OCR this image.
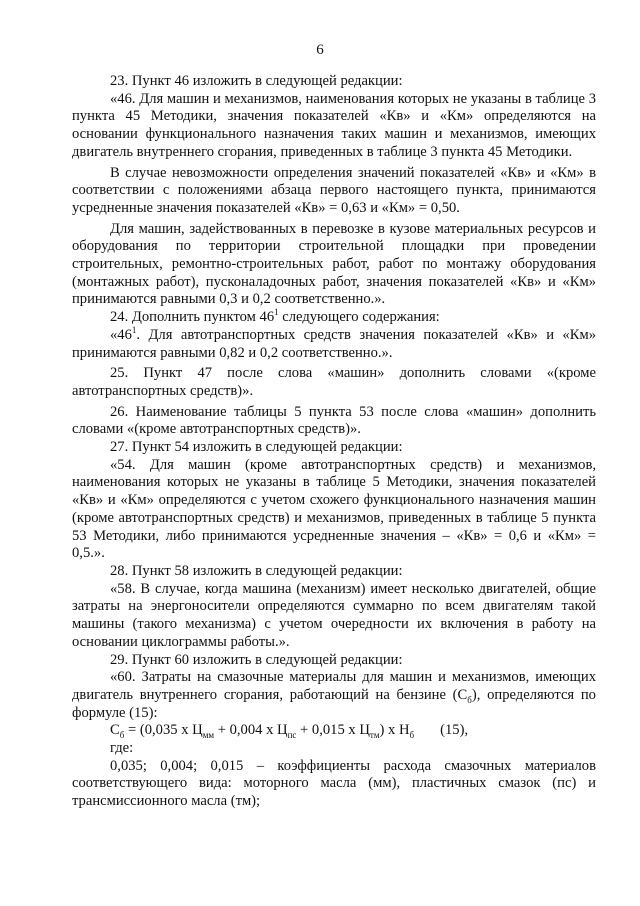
6

23. Пункт 46 изложить в следующей редакции:

«46. Для машин и механизмов, наименования которых не указаны в таблице 3 пункта 45 Методики, значения показателей «Кв» и «Км» определяются на основании функционального назначения таких машин и механизмов, имеющих двигатель внутреннего сгорания, приведенных в таблице 3 пункта 45 Методики.

В случае невозможности определения значений показателей «Кв» и «Км» в соответствии с положениями абзаца первого настоящего пункта, принимаются усредненные значения показателей «Кв» = 0,63 и «Км» = 0,50.

Для машин, задействованных в перевозке в кузове материальных ресурсов и оборудования по территории строительной площадки при проведении строительных, ремонтно-строительных работ, работ по монтажу оборудования (монтажных работ), пусконаладочных работ, значения показателей «Кв» и «Км» принимаются равными 0,3 и 0,2 соответственно.».

24. Дополнить пунктом $46^1$ следующего содержания:

«$46^1$. Для автотранспортных средств значения показателей «Кв» и «Км» принимаются равными 0,82 и 0,2 соответственно.».

25. Пункт 47 после слова «машин» дополнить словами «(кроме автотранспортных средств)».

26. Наименование таблицы 5 пункта 53 после слова «машин» дополнить словами «(кроме автотранспортных средств)».

27. Пункт 54 изложить в следующей редакции:

«54. Для машин (кроме автотранспортных средств) и механизмов, наименования которых не указаны в таблице 5 Методики, значения показателей «Кв» и «Км» определяются с учетом схожего функционального назначения машин (кроме автотранспортных средств) и механизмов, приведенных в таблице 5 пункта 53 Методики, либо принимаются усредненные значения – «Кв» = 0,6 и «Км» = 0,5.».

28. Пункт 58 изложить в следующей редакции:

«58. В случае, когда машина (механизм) имеет несколько двигателей, общие затраты на энергоносители определяются суммарно по всем двигателям такой машины (такого механизма) с учетом очередности их включения в работу на основании циклограммы работы.».

29. Пункт 60 изложить в следующей редакции:

«60. Затраты на смазочные материалы для машин и механизмов, имеющих двигатель внутреннего сгорания, работающий на бензине $(С_б)$, определяются по формуле (15):

$С_б = (0,035$ х $Ц_{мм} + 0,004$ х $Ц_{пс} + 0,015$ х $Ц_{тм}$) х $Н_б$ (15),

где:

0,035; 0,004; 0,015 – коэффициенты расхода смазочных материалов соответствующего вида: моторного масла (мм), пластичных смазок (пс) и трансмиссионного масла (тм);
